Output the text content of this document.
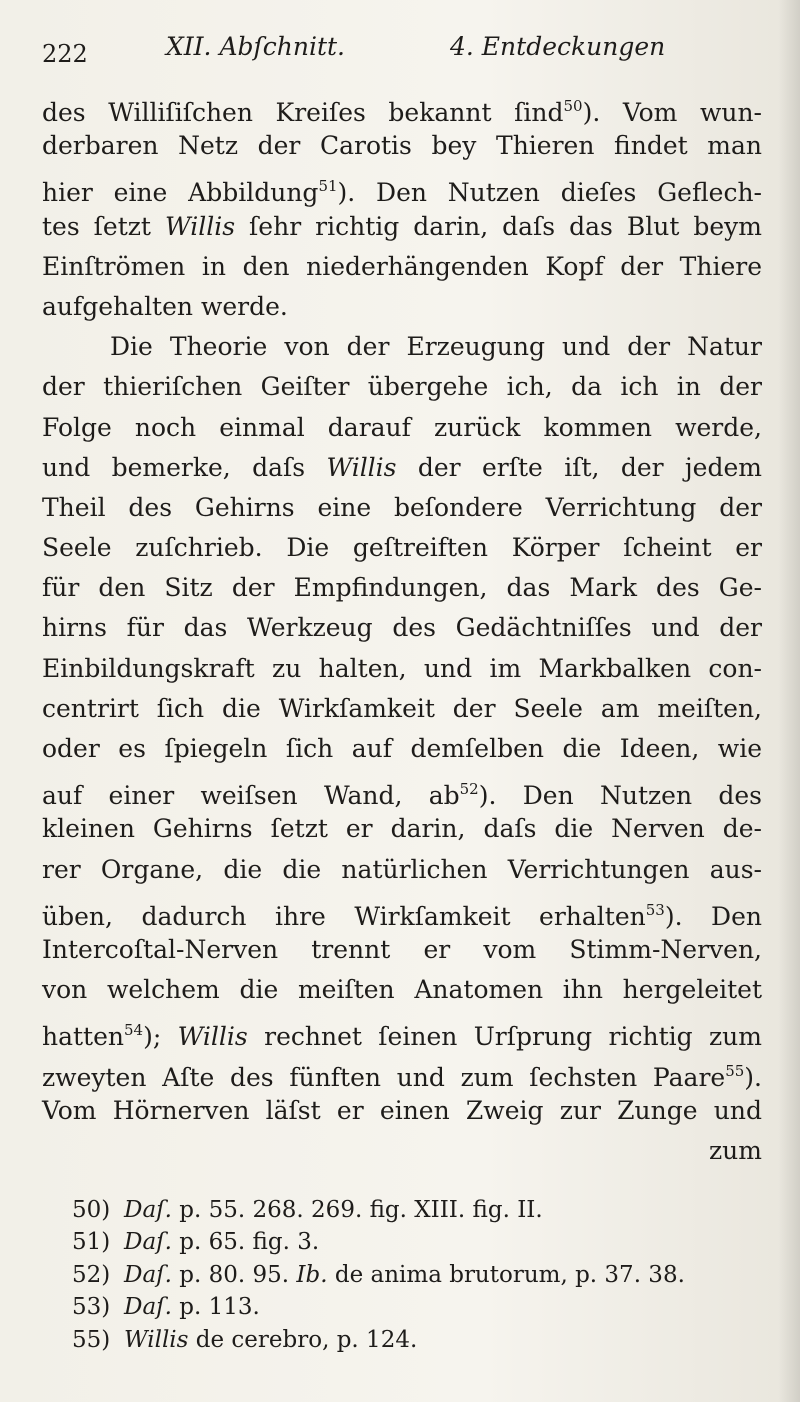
222	XII. Abſchnitt.	4. Entdeckungen
des Williſiſchen Kreiſes bekannt ſind$^{50}$). Vom wun-
derbaren Netz der Carotis bey Thieren findet man
hier eine Abbildung$^{51}$). Den Nutzen dieſes Geflech-
tes ſetzt Willis ſehr richtig darin, daſs das Blut beym
Einſtrömen in den niederhängenden Kopf der Thiere
aufgehalten werde.
Die Theorie von der Erzeugung und der Natur
der thieriſchen Geiſter übergehe ich, da ich in der
Folge noch einmal darauf zurück kommen werde,
und bemerke, daſs Willis der erſte iſt, der jedem
Theil des Gehirns eine beſondere Verrichtung der
Seele zuſchrieb. Die geſtreiften Körper ſcheint er
für den Sitz der Empfindungen, das Mark des Ge-
hirns für das Werkzeug des Gedächtniſſes und der
Einbildungskraft zu halten, und im Markbalken con-
centrirt ſich die Wirkſamkeit der Seele am meiſten,
oder es ſpiegeln ſich auf demſelben die Ideen, wie
auf einer weiſsen Wand, $ab^{52}$). Den Nutzen des
kleinen Gehirns ſetzt er darin, daſs die Nerven de-
rer Organe, die die natürlichen Verrichtungen aus-
üben, dadurch ihre Wirkſamkeit erhalten$^{53}$). Den
Intercoſtal-Nerven trennt er vom Stimm-Nerven,
von welchem die meiſten Anatomen ihn hergeleitet
hatten$^{54}$); Willis rechnet ſeinen Urſprung richtig zum
zweyten Aſte des fünften und zum ſechsten Paare$^{55}$).
Vom Hörnerven läſst er einen Zweig zur Zunge und
zum
50) Daſ. p. 55. 268. 269. fig. XIII. fig. II.
51) Daſ. p. 65. fig. 3.
52) Daſ. p. 80. 95. Ib. de anima brutorum, p. 37. 38.
53) Daſ. p. 113.
55) Willis de cerebro, p. 124.
